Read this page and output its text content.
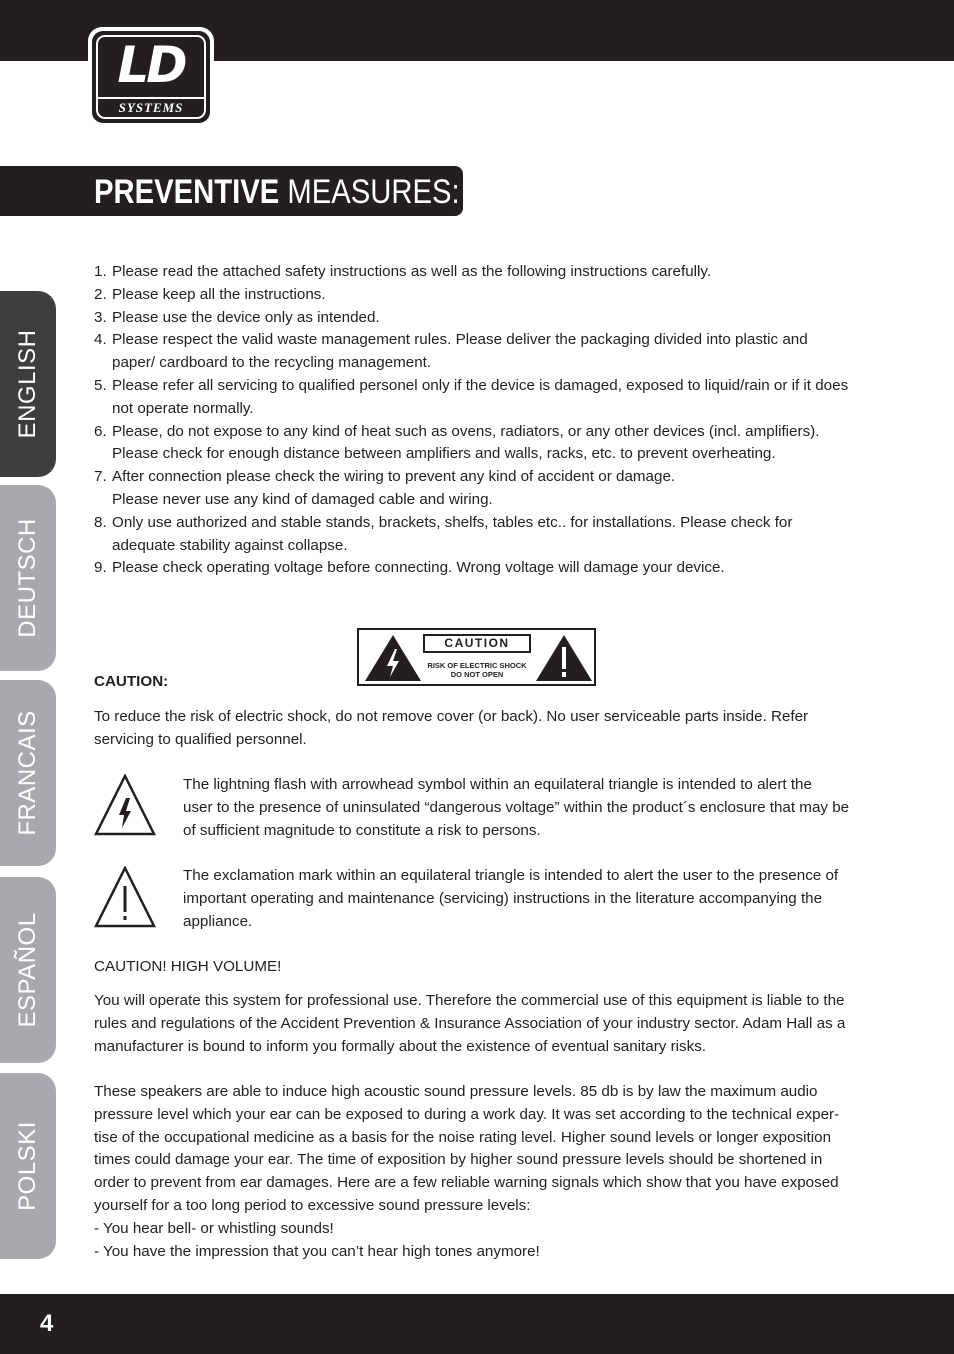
LD
SYSTEMS
PREVENTIVE MEASURES:
ENGLISH
DEUTSCH
FRANCAIS
ESPAÑOL
POLSKI
1. Please read the attached safety instructions as well as the following instructions carefully.
2. Please keep all the instructions.
3. Please use the device only as intended.
4. Please respect the valid waste management rules. Please deliver the packaging divided into plastic and
paper/ cardboard to the recycling management.
5. Please refer all servicing to qualified personel only if the device is damaged, exposed to liquid/rain or if it does
not operate normally.
6. Please, do not expose to any kind of heat such as ovens, radiators, or any other devices (incl. amplifiers).
Please check for enough distance between amplifiers and walls, racks, etc. to prevent overheating.
7. After connection please check the wiring to prevent any kind of accident or damage.
Please never use any kind of damaged cable and wiring.
8. Only use authorized and stable stands, brackets, shelfs, tables etc.. for installations. Please check for
adequate stability against collapse.
9. Please check operating voltage before connecting. Wrong voltage will damage your device.
CAUTION
RISK OF ELECTRIC SHOCK
DO NOT OPEN
CAUTION:
To reduce the risk of electric shock, do not remove cover (or back). No user serviceable parts inside. Refer
servicing to qualified personnel.
The lightning flash with arrowhead symbol within an equilateral triangle is intended to alert the
user to the presence of uninsulated “dangerous voltage” within the product´s enclosure that may be
of sufficient magnitude to constitute a risk to persons.
The exclamation mark within an equilateral triangle is intended to alert the user to the presence of
important operating and maintenance (servicing) instructions in the literature accompanying the
appliance.
CAUTION! HIGH VOLUME!
You will operate this system for professional use. Therefore the commercial use of this equipment is liable to the
rules and regulations of the Accident Prevention & Insurance Association of your industry sector. Adam Hall as a
manufacturer is bound to inform you formally about the existence of eventual sanitary risks.
These speakers are able to induce high acoustic sound pressure levels. 85 db is by law the maximum audio
pressure level which your ear can be exposed to during a work day. It was set according to the technical exper-
tise of the occupational medicine as a basis for the noise rating level. Higher sound levels or longer exposition
times could damage your ear. The time of exposition by higher sound pressure levels should be shortened in
order to prevent from ear damages. Here are a few reliable warning signals which show that you have exposed
yourself for a too long period to excessive sound pressure levels:
- You hear bell- or whistling sounds!
- You have the impression that you can’t hear high tones anymore!
4
